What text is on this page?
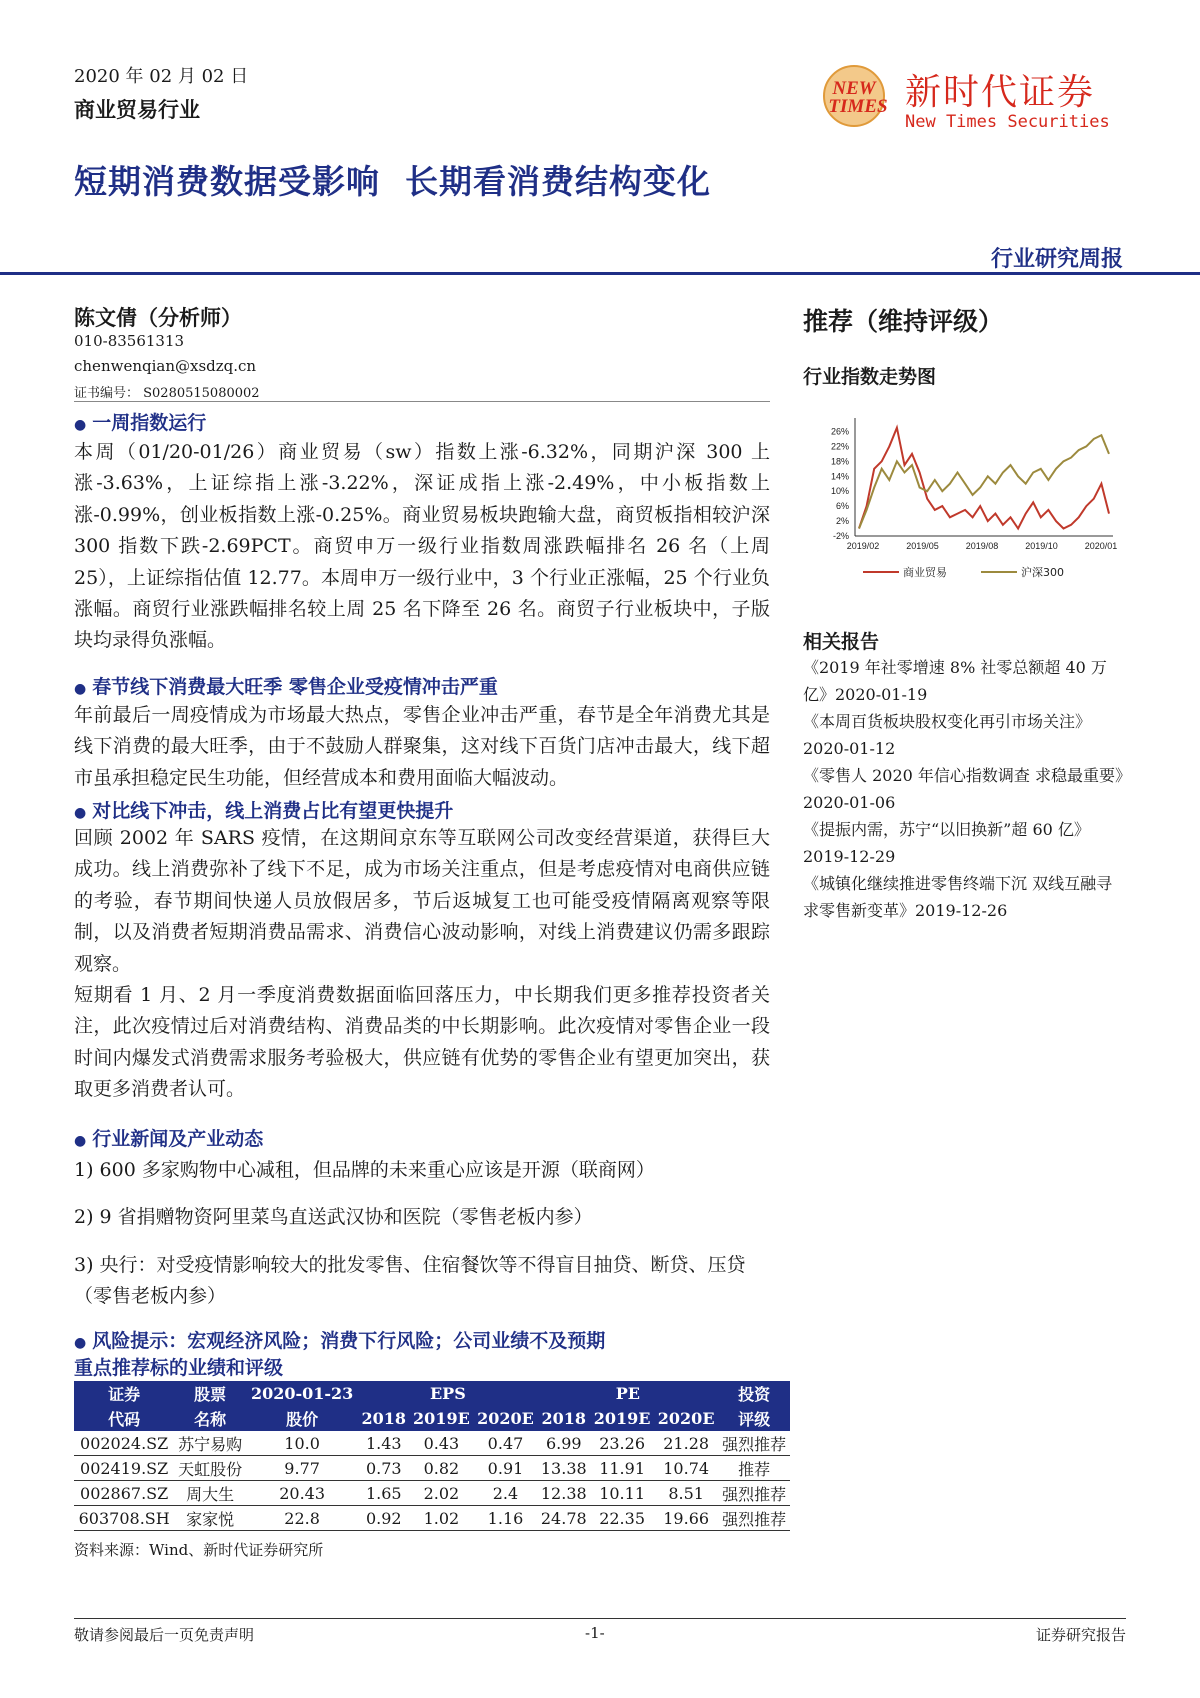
2020 年 02 月 02 日
商业贸易行业
短期消费数据受影响  长期看消费结构变化
NEW
TIMES 新时代证券
New Times Securities
行业研究周报
陈文倩（分析师）
010-83561313
chenwenqian@xsdzq.cn
证书编号： S0280515080002
● 一周指数运行
本周（01/20-01/26）商业贸易（sw）指数上涨-6.32%，同期沪深 300 上涨-3.63%，上证综指上涨-3.22%，深证成指上涨-2.49%，中小板指数上涨-0.99%，创业板指数上涨-0.25%。商业贸易板块跑输大盘，商贸板指相较沪深 300 指数下跌-2.69PCT。商贸申万一级行业指数周涨跌幅排名 26 名（上周 25），上证综指估值 12.77。本周申万一级行业中，3 个行业正涨幅，25 个行业负涨幅。商贸行业涨跌幅排名较上周 25 名下降至 26 名。商贸子行业板块中，子版块均录得负涨幅。
● 春节线下消费最大旺季 零售企业受疫情冲击严重
年前最后一周疫情成为市场最大热点，零售企业冲击严重，春节是全年消费尤其是线下消费的最大旺季，由于不鼓励人群聚集，这对线下百货门店冲击最大，线下超市虽承担稳定民生功能，但经营成本和费用面临大幅波动。
● 对比线下冲击，线上消费占比有望更快提升
回顾 2002 年 SARS 疫情，在这期间京东等互联网公司改变经营渠道，获得巨大成功。线上消费弥补了线下不足，成为市场关注重点，但是考虑疫情对电商供应链的考验，春节期间快递人员放假居多，节后返城复工也可能受疫情隔离观察等限制，以及消费者短期消费品需求、消费信心波动影响，对线上消费建议仍需多跟踪观察。
短期看 1 月、2 月一季度消费数据面临回落压力，中长期我们更多推荐投资者关注，此次疫情过后对消费结构、消费品类的中长期影响。此次疫情对零售企业一段时间内爆发式消费需求服务考验极大，供应链有优势的零售企业有望更加突出，获取更多消费者认可。
● 行业新闻及产业动态
1) 600 多家购物中心减租，但品牌的未来重心应该是开源（联商网）
2) 9 省捐赠物资阿里菜鸟直送武汉协和医院（零售老板内参）
3) 央行：对受疫情影响较大的批发零售、住宿餐饮等不得盲目抽贷、断贷、压贷（零售老板内参）
● 风险提示：宏观经济风险；消费下行风险；公司业绩不及预期
重点推荐标的业绩和评级
证券	股票	2020-01-23	EPS			PE			投资
代码	名称	股价	2018	2019E	2020E	2018	2019E	2020E	评级
002024.SZ	苏宁易购	10.0	1.43	0.43	0.47	6.99	23.26	21.28	强烈推荐
002419.SZ	天虹股份	9.77	0.73	0.82	0.91	13.38	11.91	10.74	推荐
002867.SZ	周大生	20.43	1.65	2.02	2.4	12.38	10.11	8.51	强烈推荐
603708.SH	家家悦	22.8	0.92	1.02	1.16	24.78	22.35	19.66	强烈推荐
资料来源：Wind、新时代证券研究所
推荐（维持评级）
行业指数走势图
26%
22%
18%
14%
10%
6%
2%
-2%
2019/02	2019/05	2019/08	2019/10	2020/01
商业贸易	沪深300
相关报告
《2019 年社零增速 8% 社零总额超 40 万亿》2020-01-19
《本周百货板块股权变化再引市场关注》2020-01-12
《零售人 2020 年信心指数调查 求稳最重要》2020-01-06
《提振内需，苏宁“以旧换新”超 60 亿》2019-12-29
《城镇化继续推进零售终端下沉 双线互融寻求零售新变革》2019-12-26
敬请参阅最后一页免责声明	-1-	证券研究报告
